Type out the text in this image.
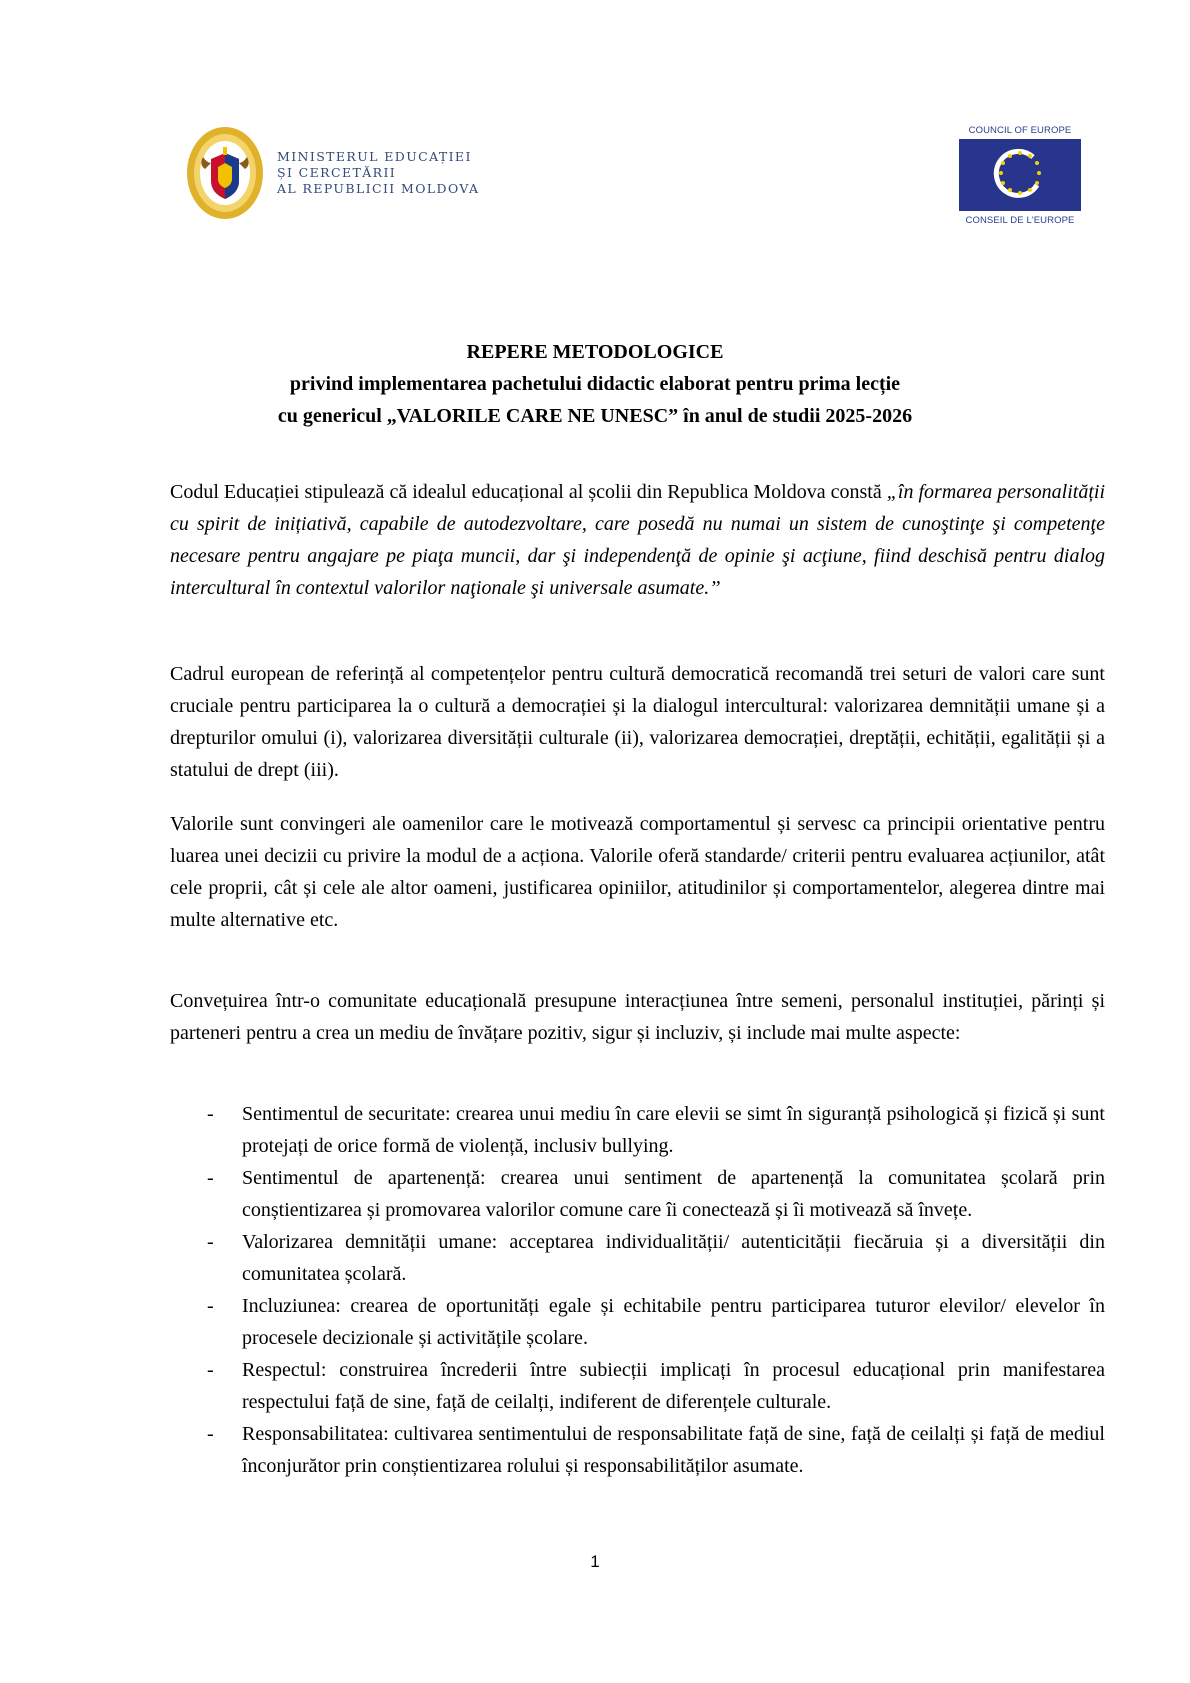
MINISTERUL EDUCAȚIEI
ȘI CERCETĂRII
AL REPUBLICII MOLDOVA
COUNCIL OF EUROPE
CONSEIL DE L'EUROPE
REPERE METODOLOGICE
privind implementarea pachetului didactic elaborat pentru prima lecție
cu genericul „VALORILE CARE NE UNESC” în anul de studii 2025-2026

Codul Educației stipulează că idealul educațional al școlii din Republica Moldova constă „în formarea personalității cu spirit de inițiativă, capabile de autodezvoltare, care posedă nu numai un sistem de cunoştinţe şi competenţe necesare pentru angajare pe piaţa muncii, dar şi independenţă de opinie şi acţiune, fiind deschisă pentru dialog intercultural în contextul valorilor naţionale şi universale asumate.’’

Cadrul european de referință al competențelor pentru cultură democratică recomandă trei seturi de valori care sunt cruciale pentru participarea la o cultură a democrației și la dialogul intercultural: valorizarea demnității umane și a drepturilor omului (i), valorizarea diversității culturale (ii), valorizarea democrației, dreptății, echității, egalității și a statului de drept (iii).

Valorile sunt convingeri ale oamenilor care le motivează comportamentul și servesc ca principii orientative pentru luarea unei decizii cu privire la modul de a acționa. Valorile oferă standarde/ criterii pentru evaluarea acțiunilor, atât cele proprii, cât și cele ale altor oameni, justificarea opiniilor, atitudinilor și comportamentelor, alegerea dintre mai multe alternative etc.

Convețuirea într-o comunitate educațională presupune interacțiunea între semeni, personalul instituției, părinți și parteneri pentru a crea un mediu de învățare pozitiv, sigur și incluziv, și include mai multe aspecte:

- Sentimentul de securitate: crearea unui mediu în care elevii se simt în siguranță psihologică și fizică și sunt protejați de orice formă de violență, inclusiv bullying.
- Sentimentul de apartenență: crearea unui sentiment de apartenență la comunitatea școlară prin conștientizarea și promovarea valorilor comune care îi conectează și îi motivează să învețe.
- Valorizarea demnității umane: acceptarea individualității/ autenticității fiecăruia și a diversității din comunitatea școlară.
- Incluziunea: crearea de oportunități egale și echitabile pentru participarea tuturor elevilor/ elevelor în procesele decizionale și activitățile școlare.
- Respectul: construirea încrederii între subiecții implicați în procesul educațional prin manifestarea respectului față de sine, față de ceilalți, indiferent de diferențele culturale.
- Responsabilitatea: cultivarea sentimentului de responsabilitate față de sine, față de ceilalți și față de mediul înconjurător prin conștientizarea rolului și responsabilităților asumate.
1
